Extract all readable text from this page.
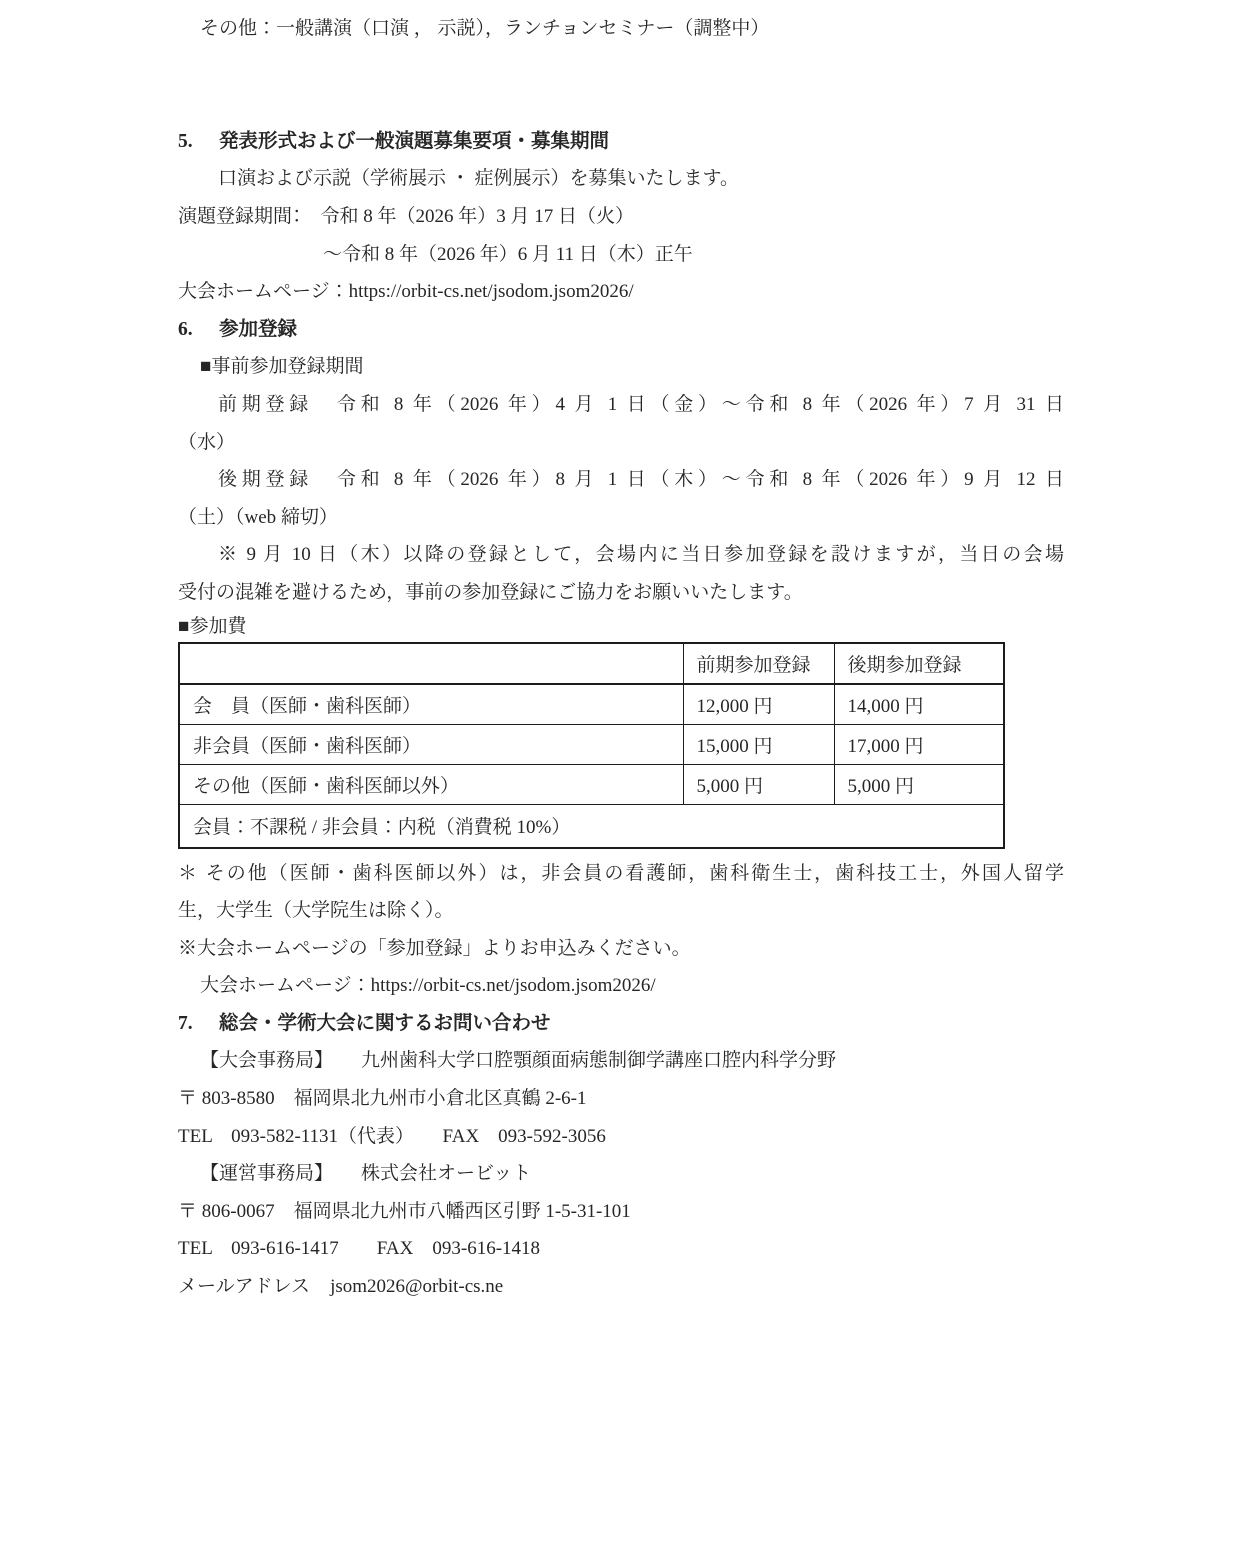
その他：一般講演（口演 ， 示説），ランチョンセミナー（調整中）
5. 発表形式および一般演題募集要項・募集期間
口演および示説（学術展示 ・ 症例展示）を募集いたします。
演題登録期間：　令和 8 年（2026 年）3 月 17 日（火）
～令和 8 年（2026 年）6 月 11 日（木）正午
大会ホームページ：https://orbit-cs.net/jsodom.jsom2026/
6. 参加登録
■事前参加登録期間
前期登録　令和 8 年（2026 年）4 月 1 日（金）～令和 8 年（2026 年）7 月 31 日
（水）
後期登録　令和 8 年（2026 年）8 月 1 日（木）～令和 8 年（2026 年）9 月 12 日
（土）（web 締切）
※ 9 月 10 日（木）以降の登録として，会場内に当日参加登録を設けますが，当日の会場
受付の混雑を避けるため，事前の参加登録にご協力をお願いいたします。
■参加費
	前期参加登録	後期参加登録
会　員（医師・歯科医師）	12,000 円	14,000 円
非会員（医師・歯科医師）	15,000 円	17,000 円
その他（医師・歯科医師以外）	5,000 円	5,000 円
会員：不課税 / 非会員：内税（消費税 10%）		
＊ その他（医師・歯科医師以外）は，非会員の看護師，歯科衛生士，歯科技工士，外国人留学
生，大学生（大学院生は除く）。
※大会ホームページの「参加登録」よりお申込みください。
大会ホームページ：https://orbit-cs.net/jsodom.jsom2026/
7. 総会・学術大会に関するお問い合わせ
【大会事務局】 九州歯科大学口腔顎顔面病態制御学講座口腔内科学分野
〒 803-8580　福岡県北九州市小倉北区真鶴 2-6-1
TEL　093-582-1131（代表）　　FAX　093-592-3056
【運営事務局】 株式会社オービット
〒 806-0067　福岡県北九州市八幡西区引野 1-5-31-101
TEL　093-616-1417　　FAX　093-616-1418
メールアドレス jsom2026@orbit-cs.ne
